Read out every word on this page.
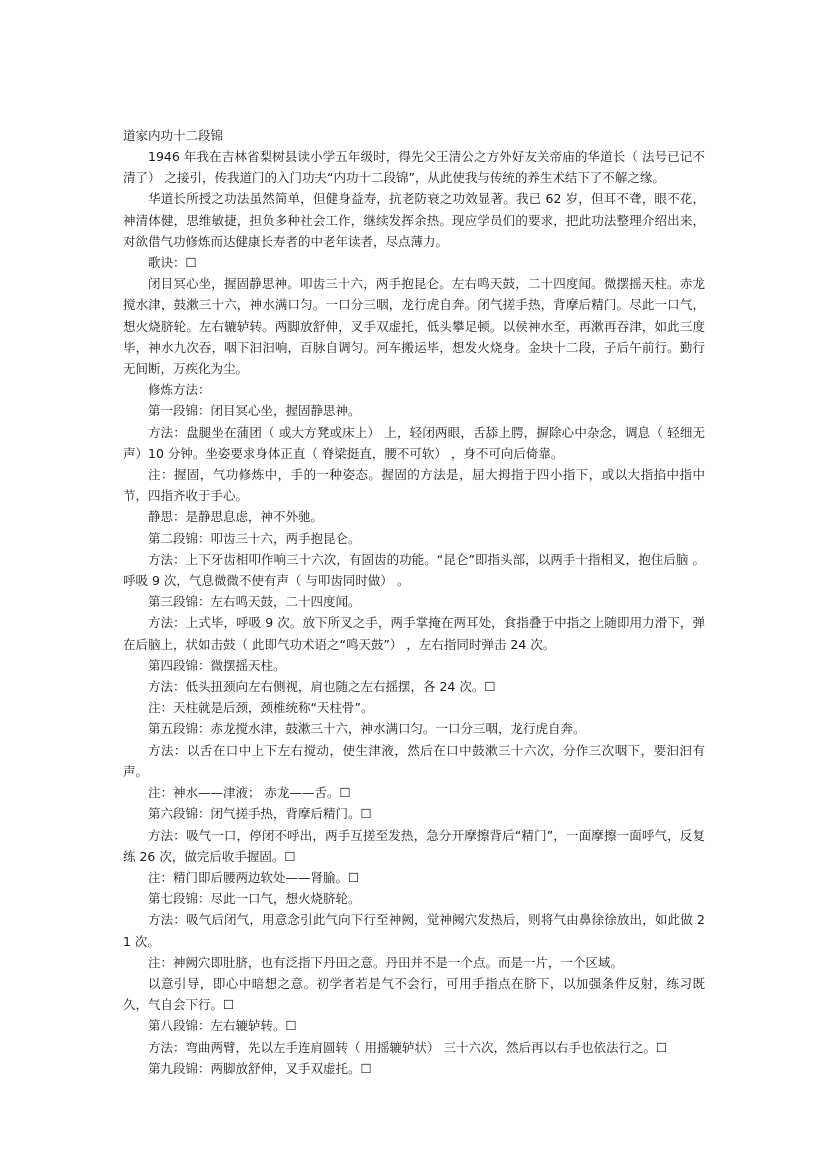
道家内功十二段锦

1946 年我在吉林省梨树县读小学五年级时，得先父王清公之方外好友关帝庙的华道长（ 法号已记不清了） 之接引，传我道门的入门功夫“内功十二段锦”，从此使我与传统的养生术结下了不解之缘。

华道长所授之功法虽然简单，但健身益寿，抗老防衰之功效显著。我已 62 岁，但耳不聋，眼不花，神清体健，思维敏捷，担负多种社会工作，继续发挥余热。现应学员们的要求，把此功法整理介绍出来，对欲借气功修炼而达健康长寿者的中老年读者，尽点薄力。

歌诀：☐

闭目冥心坐，握固静思神。叩齿三十六，两手抱昆仑。左右鸣天鼓，二十四度闻。微摆摇天柱。赤龙搅水津，鼓漱三十六，神水满口匀。一口分三咽，龙行虎自奔。闭气搓手热，背摩后精门。尽此一口气，想火烧脐轮。左右辘轳转。两脚放舒伸，叉手双虚托，低头攀足顿。以侯神水至，再漱再吞津，如此三度毕，神水九次吞，咽下汩汩响，百脉自调匀。河车搬运毕，想发火烧身。金块十二段，子后午前行。勤行无间断，万疾化为尘。

修炼方法：

第一段锦：闭目冥心坐，握固静思神。

方法：盘腿坐在蒲团（ 或大方凳或床上） 上，轻闭两眼，舌舔上腭，摒除心中杂念，调息（ 轻细无声）10 分钟。坐姿要求身体正直（ 脊梁挺直，腰不可软） ，身不可向后倚靠。

注：握固，气功修炼中，手的一种姿态。握固的方法是，屈大拇指于四小指下，或以大指掐中指中节，四指齐收于手心。

静思：是静思息虑，神不外驰。

第二段锦：叩齿三十六，两手抱昆仑。

方法：上下牙齿相叩作响三十六次，有固齿的功能。“昆仑”即指头部，以两手十指相叉，抱住后脑 。呼吸 9 次，气息微微不使有声（ 与叩齿同时做） 。

第三段锦：左右鸣天鼓，二十四度闻。

方法：上式毕，呼吸 9 次。放下所叉之手，两手掌掩在两耳处，食指叠于中指之上随即用力滑下，弹在后脑上，状如击鼓（ 此即气功术语之“鸣天鼓”） ，左右指同时弹击 24 次。

第四段锦：微摆摇天柱。

方法：低头扭颈向左右侧视，肩也随之左右摇摆，各 24 次。☐

注：天柱就是后颈，颈椎统称“天柱骨”。

第五段锦：赤龙搅水津，鼓漱三十六，神水满口匀。一口分三咽，龙行虎自奔。

方法：以舌在口中上下左右搅动，使生津液，然后在口中鼓漱三十六次，分作三次咽下，要汩汩有声。

注：神水——津液； 赤龙——舌。☐

第六段锦：闭气搓手热，背摩后精门。☐

方法：吸气一口，停闭不呼出，两手互搓至发热，急分开摩擦背后“精门”，一面摩擦一面呼气，反复练 26 次，做完后收手握固。☐

注：精门即后腰两边软处——肾腧。☐

第七段锦：尽此一口气，想火烧脐轮。

方法：吸气后闭气，用意念引此气向下行至神阙，觉神阙穴发热后，则将气由鼻徐徐放出，如此做 21 次。

注：神阙穴即肚脐，也有泛指下丹田之意。丹田并不是一个点。而是一片，一个区域。

以意引导，即心中暗想之意。初学者若是气不会行，可用手指点在脐下，以加强条件反射，练习既久，气自会下行。☐

第八段锦：左右辘轳转。☐

方法：弯曲两臂，先以左手连肩圆转（ 用摇辘轳状） 三十六次，然后再以右手也依法行之。☐

第九段锦：两脚放舒伸，叉手双虚托。☐
